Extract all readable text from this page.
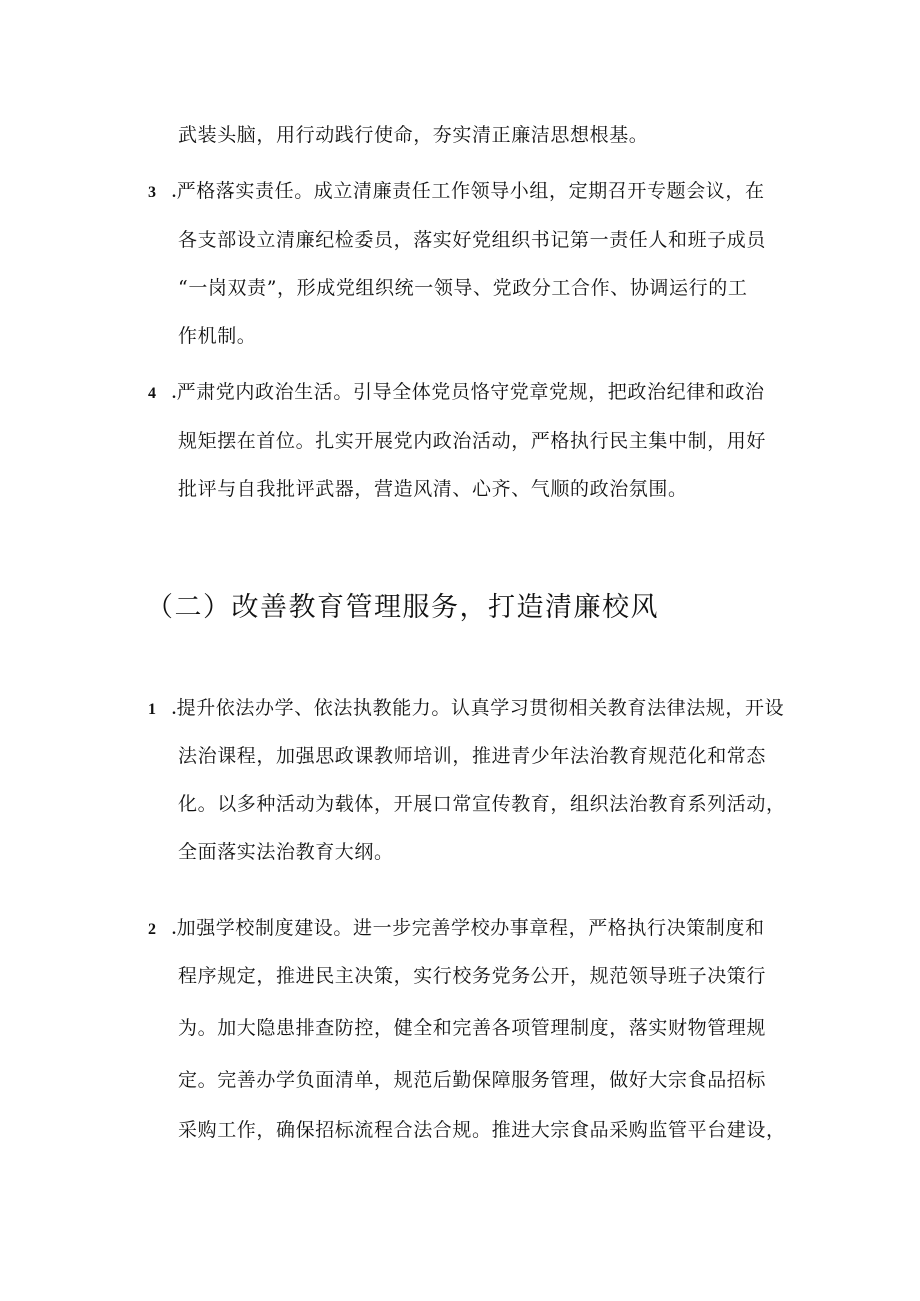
武装头脑，用行动践行使命，夯实清正廉洁思想根基。
3 .严格落实责任。成立清廉责任工作领导小组，定期召开专题会议，在
各支部设立清廉纪检委员，落实好党组织书记第一责任人和班子成员
“一岗双责”，形成党组织统一领导、党政分工合作、协调运行的工
作机制。
4 .严肃党内政治生活。引导全体党员恪守党章党规，把政治纪律和政治
规矩摆在首位。扎实开展党内政治活动，严格执行民主集中制，用好
批评与自我批评武器，营造风清、心齐、气顺的政治氛围。
（二）改善教育管理服务，打造清廉校风
1 .提升依法办学、依法执教能力。认真学习贯彻相关教育法律法规，开设
法治课程，加强思政课教师培训，推进青少年法治教育规范化和常态
化。以多种活动为载体，开展口常宣传教育，组织法治教育系列活动，
全面落实法治教育大纲。
2 .加强学校制度建设。进一步完善学校办事章程，严格执行决策制度和
程序规定，推进民主决策，实行校务党务公开，规范领导班子决策行
为。加大隐患排查防控，健全和完善各项管理制度，落实财物管理规
定。完善办学负面清单，规范后勤保障服务管理，做好大宗食品招标
采购工作，确保招标流程合法合规。推进大宗食品采购监管平台建设，
